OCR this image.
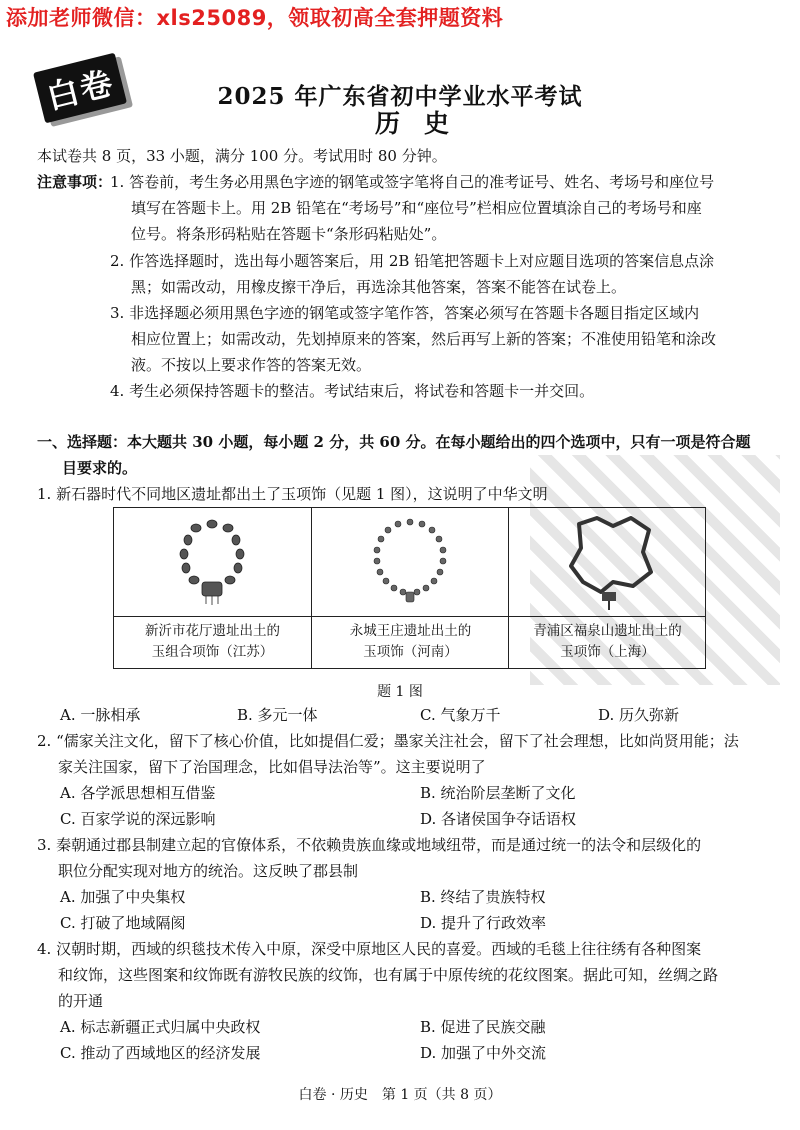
添加老师微信：xls25089，领取初高全套押题资料
白卷	2025 年广东省初中学业水平考试
历史
本试卷共 8 页，33 小题，满分 100 分。考试用时 80 分钟。
注意事项：
1. 答卷前，考生务必用黑色字迹的钢笔或签字笔将自己的准考证号、姓名、考场号和座位号
填写在答题卡上。用 2B 铅笔在“考场号”和“座位号”栏相应位置填涂自己的考场号和座
位号。将条形码粘贴在答题卡“条形码粘贴处”。
2. 作答选择题时，选出每小题答案后，用 2B 铅笔把答题卡上对应题目选项的答案信息点涂
黑；如需改动，用橡皮擦干净后，再选涂其他答案，答案不能答在试卷上。
3. 非选择题必须用黑色字迹的钢笔或签字笔作答，答案必须写在答题卡各题目指定区域内
相应位置上；如需改动，先划掉原来的答案，然后再写上新的答案；不准使用铅笔和涂改
液。不按以上要求作答的答案无效。
4. 考生必须保持答题卡的整洁。考试结束后，将试卷和答题卡一并交回。
一、选择题：本大题共 30 小题，每小题 2 分，共 60 分。在每小题给出的四个选项中，只有一项是符合题
目要求的。
1. 新石器时代不同地区遗址都出土了玉项饰（见题 1 图），这说明了中华文明
新沂市花厅遗址出土的
玉组合项饰（江苏）
永城王庄遗址出土的
玉项饰（河南）
青浦区福泉山遗址出土的
玉项饰（上海）
题 1 图
A. 一脉相承	B. 多元一体	C. 气象万千	D. 历久弥新
2. “儒家关注文化，留下了核心价值，比如提倡仁爱；墨家关注社会，留下了社会理想，比如尚贤用能；法
家关注国家，留下了治国理念，比如倡导法治等”。这主要说明了
A. 各学派思想相互借鉴	B. 统治阶层垄断了文化
C. 百家学说的深远影响	D. 各诸侯国争夺话语权
3. 秦朝通过郡县制建立起的官僚体系，不依赖贵族血缘或地域纽带，而是通过统一的法令和层级化的
职位分配实现对地方的统治。这反映了郡县制
A. 加强了中央集权	B. 终结了贵族特权
C. 打破了地域隔阂	D. 提升了行政效率
4. 汉朝时期，西域的织毯技术传入中原，深受中原地区人民的喜爱。西域的毛毯上往往绣有各种图案
和纹饰，这些图案和纹饰既有游牧民族的纹饰，也有属于中原传统的花纹图案。据此可知，丝绸之路
的开通
A. 标志新疆正式归属中央政权	B. 促进了民族交融
C. 推动了西域地区的经济发展	D. 加强了中外交流
白卷 · 历史　第 1 页（共 8 页）
